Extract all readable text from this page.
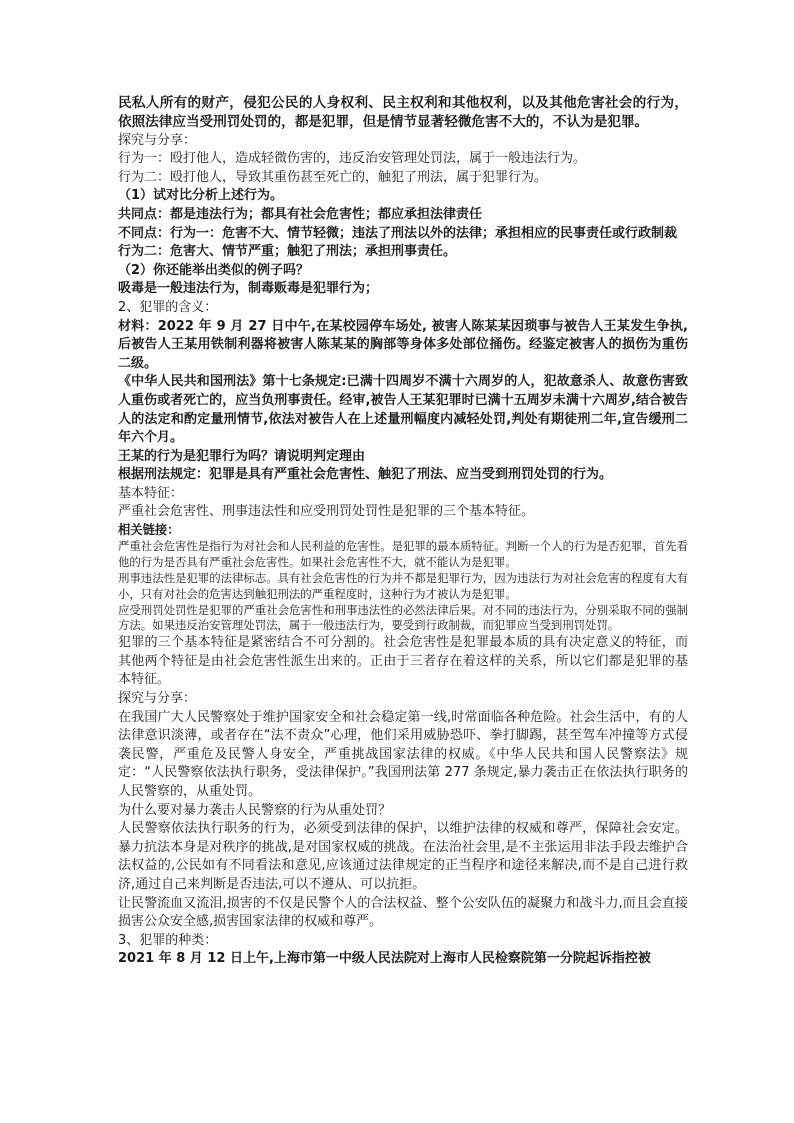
民私人所有的财产，侵犯公民的人身权利、民主权利和其他权利，以及其他危害社会的行为，依照法律应当受刑罚处罚的，都是犯罪，但是情节显著轻微危害不大的，不认为是犯罪。

探究与分享：

行为一：殴打他人，造成轻微伤害的，违反治安管理处罚法，属于一般违法行为。

行为二：殴打他人，导致其重伤甚至死亡的，触犯了刑法，属于犯罪行为。

（1）试对比分析上述行为。

共同点：都是违法行为；都具有社会危害性；都应承担法律责任

不同点：行为一：危害不大、情节轻微；违法了刑法以外的法律；承担相应的民事责任或行政制裁

行为二：危害大、情节严重；触犯了刑法；承担刑事责任。

（2）你还能举出类似的例子吗？

吸毒是一般违法行为，制毒贩毒是犯罪行为；

2、犯罪的含义：

材料：2022 年 9 月 27 日中午,在某校园停车场处, 被害人陈某某因琐事与被告人王某发生争执,后被告人王某用铁制利器将被害人陈某某的胸部等身体多处部位捅伤。经鉴定被害人的损伤为重伤二级。

《中华人民共和国刑法》第十七条规定:已满十四周岁不满十六周岁的人，犯故意杀人、故意伤害致人重伤或者死亡的，应当负刑事责任。经审,被告人王某犯罪时已满十五周岁未满十六周岁,结合被告人的法定和酌定量刑情节,依法对被告人在上述量刑幅度内减轻处罚,判处有期徒刑二年,宣告缓刑二年六个月。

王某的行为是犯罪行为吗？请说明判定理由

根据刑法规定：犯罪是具有严重社会危害性、触犯了刑法、应当受到刑罚处罚的行为。

基本特征：

严重社会危害性、刑事违法性和应受刑罚处罚性是犯罪的三个基本特征。

相关链接：

严重社会危害性是指行为对社会和人民利益的危害性。是犯罪的最本质特征。判断一个人的行为是否犯罪，首先看他的行为是否具有严重社会危害性。如果社会危害性不大，就不能认为是犯罪。

刑事违法性是犯罪的法律标志。具有社会危害性的行为并不都是犯罪行为，因为违法行为对社会危害的程度有大有小，只有对社会的危害达到触犯刑法的严重程度时，这种行为才被认为是犯罪。

应受刑罚处罚性是犯罪的严重社会危害性和刑事违法性的必然法律后果。对不同的违法行为，分别采取不同的强制方法。如果违反治安管理处罚法，属于一般违法行为，要受到行政制裁，而犯罪应当受到刑罚处罚。

犯罪的三个基本特征是紧密结合不可分割的。社会危害性是犯罪最本质的具有决定意义的特征，而其他两个特征是由社会危害性派生出来的。正由于三者存在着这样的关系，所以它们都是犯罪的基本特征。

探究与分享：

在我国广大人民警察处于维护国家安全和社会稳定第一线,时常面临各种危险。社会生活中，有的人法律意识淡薄，或者存在“法不责众”心理，他们采用威胁恐吓、拳打脚踢，甚至驾车冲撞等方式侵袭民警，严重危及民警人身安全，严重挑战国家法律的权威。《中华人民共和国人民警察法》规定：“人民警察依法执行职务，受法律保护。”我国刑法第 277 条规定,暴力袭击正在依法执行职务的人民警察的，从重处罚。

为什么要对暴力袭击人民警察的行为从重处罚？

人民警察依法执行职务的行为，必须受到法律的保护，以维护法律的权威和尊严，保障社会安定。暴力抗法本身是对秩序的挑战,是对国家权威的挑战。在法治社会里,是不主张运用非法手段去维护合法权益的,公民如有不同看法和意见,应该通过法律规定的正当程序和途径来解决,而不是自己进行救济,通过自己来判断是否违法,可以不遵从、可以抗拒。

让民警流血又流泪,损害的不仅是民警个人的合法权益、整个公安队伍的凝聚力和战斗力,而且会直接损害公众安全感,损害国家法律的权威和尊严。

3、犯罪的种类：

2021 年 8 月 12 日上午,上海市第一中级人民法院对上海市人民检察院第一分院起诉指控被
